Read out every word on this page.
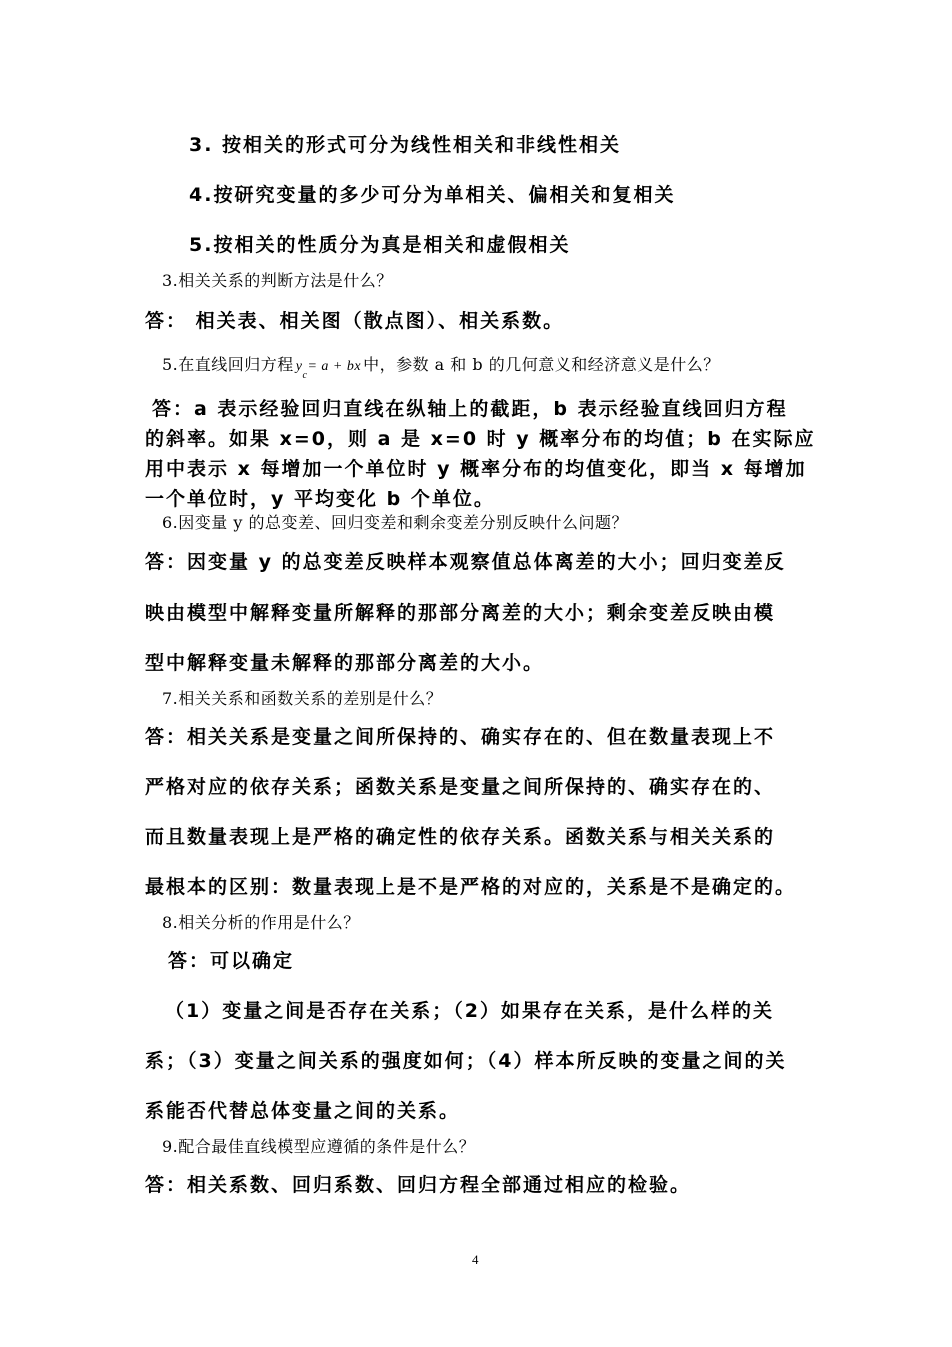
3. 按相关的形式可分为线性相关和非线性相关
4.按研究变量的多少可分为单相关、偏相关和复相关
5.按相关的性质分为真是相关和虚假相关
3.相关关系的判断方法是什么？
答： 相关表、相关图（散点图）、相关系数。
5.在直线回归方程 $y_c= a$ + bx 中，参数 a 和 b 的几何意义和经济意义是什么？
答：a 表示经验回归直线在纵轴上的截距，b 表示经验直线回归方程
的斜率。如果 x=0，则 a 是 x=0 时 y 概率分布的均值；b 在实际应
用中表示 x 每增加一个单位时 y 概率分布的均值变化，即当 x 每增加
一个单位时，y 平均变化 b 个单位。
6.因变量 y 的总变差、回归变差和剩余变差分别反映什么问题？
答：因变量 y 的总变差反映样本观察值总体离差的大小；回归变差反
映由模型中解释变量所解释的那部分离差的大小；剩余变差反映由模
型中解释变量未解释的那部分离差的大小。
7.相关关系和函数关系的差别是什么？
答：相关关系是变量之间所保持的、确实存在的、但在数量表现上不
严格对应的依存关系；函数关系是变量之间所保持的、确实存在的、
而且数量表现上是严格的确定性的依存关系。函数关系与相关关系的
最根本的区别：数量表现上是不是严格的对应的，关系是不是确定的。
8.相关分析的作用是什么？
答：可以确定
（1）变量之间是否存在关系；（2）如果存在关系，是什么样的关
系；（3）变量之间关系的强度如何；（4）样本所反映的变量之间的关
系能否代替总体变量之间的关系。
9.配合最佳直线模型应遵循的条件是什么？
答：相关系数、回归系数、回归方程全部通过相应的检验。
4
